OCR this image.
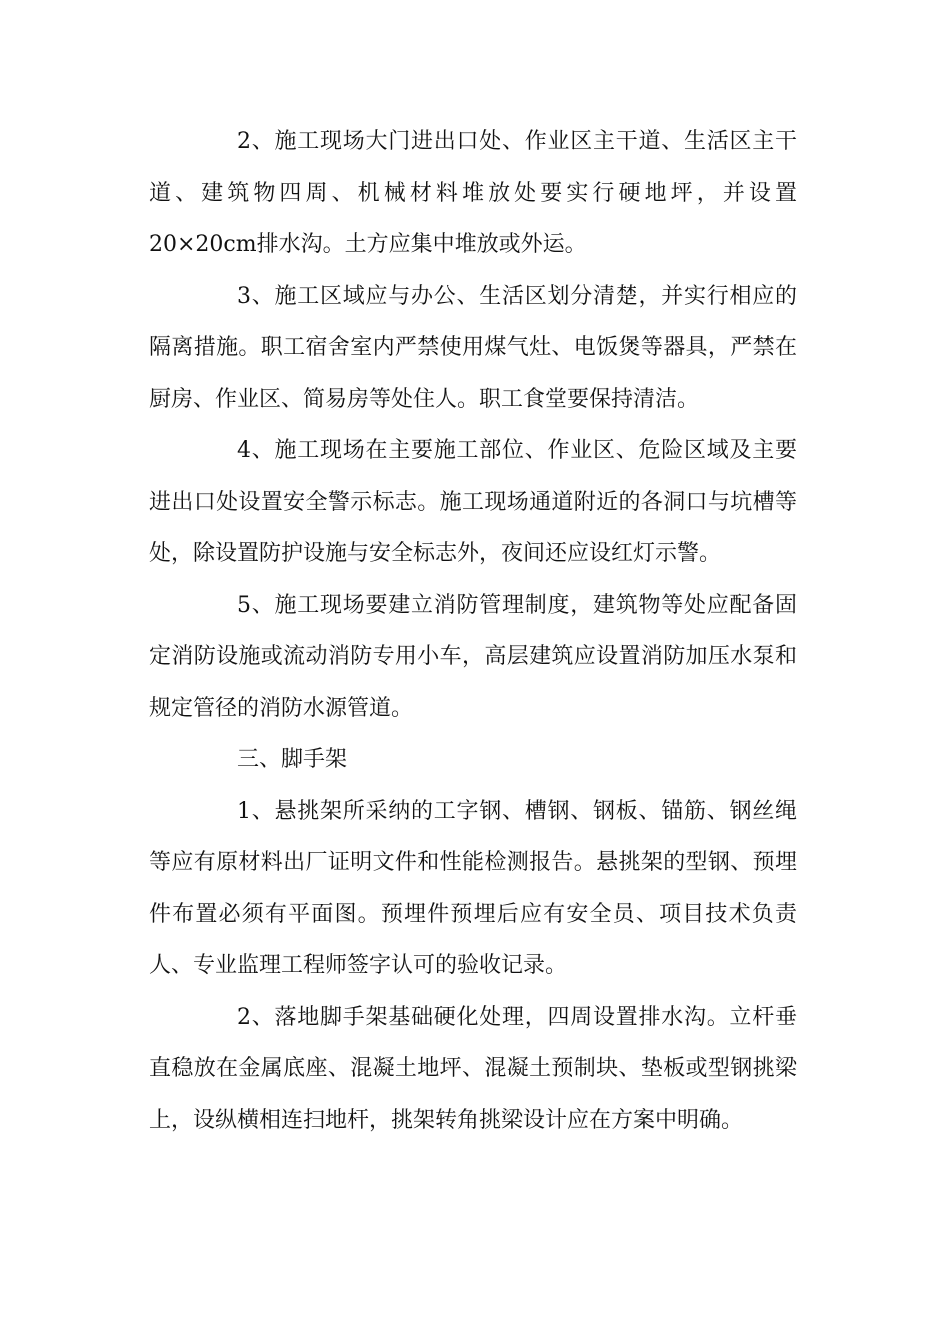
2、施工现场大门进出口处、作业区主干道、生活区主干道、建筑物四周、机械材料堆放处要实行硬地坪，并设置20×20cm排水沟。土方应集中堆放或外运。

3、施工区域应与办公、生活区划分清楚，并实行相应的隔离措施。职工宿舍室内严禁使用煤气灶、电饭煲等器具，严禁在厨房、作业区、简易房等处住人。职工食堂要保持清洁。

4、施工现场在主要施工部位、作业区、危险区域及主要进出口处设置安全警示标志。施工现场通道附近的各洞口与坑槽等处，除设置防护设施与安全标志外，夜间还应设红灯示警。

5、施工现场要建立消防管理制度，建筑物等处应配备固定消防设施或流动消防专用小车，高层建筑应设置消防加压水泵和规定管径的消防水源管道。

三、脚手架

1、悬挑架所采纳的工字钢、槽钢、钢板、锚筋、钢丝绳等应有原材料出厂证明文件和性能检测报告。悬挑架的型钢、预埋件布置必须有平面图。预埋件预埋后应有安全员、项目技术负责人、专业监理工程师签字认可的验收记录。

2、落地脚手架基础硬化处理，四周设置排水沟。立杆垂直稳放在金属底座、混凝土地坪、混凝土预制块、垫板或型钢挑梁上，设纵横相连扫地杆，挑架转角挑梁设计应在方案中明确。
